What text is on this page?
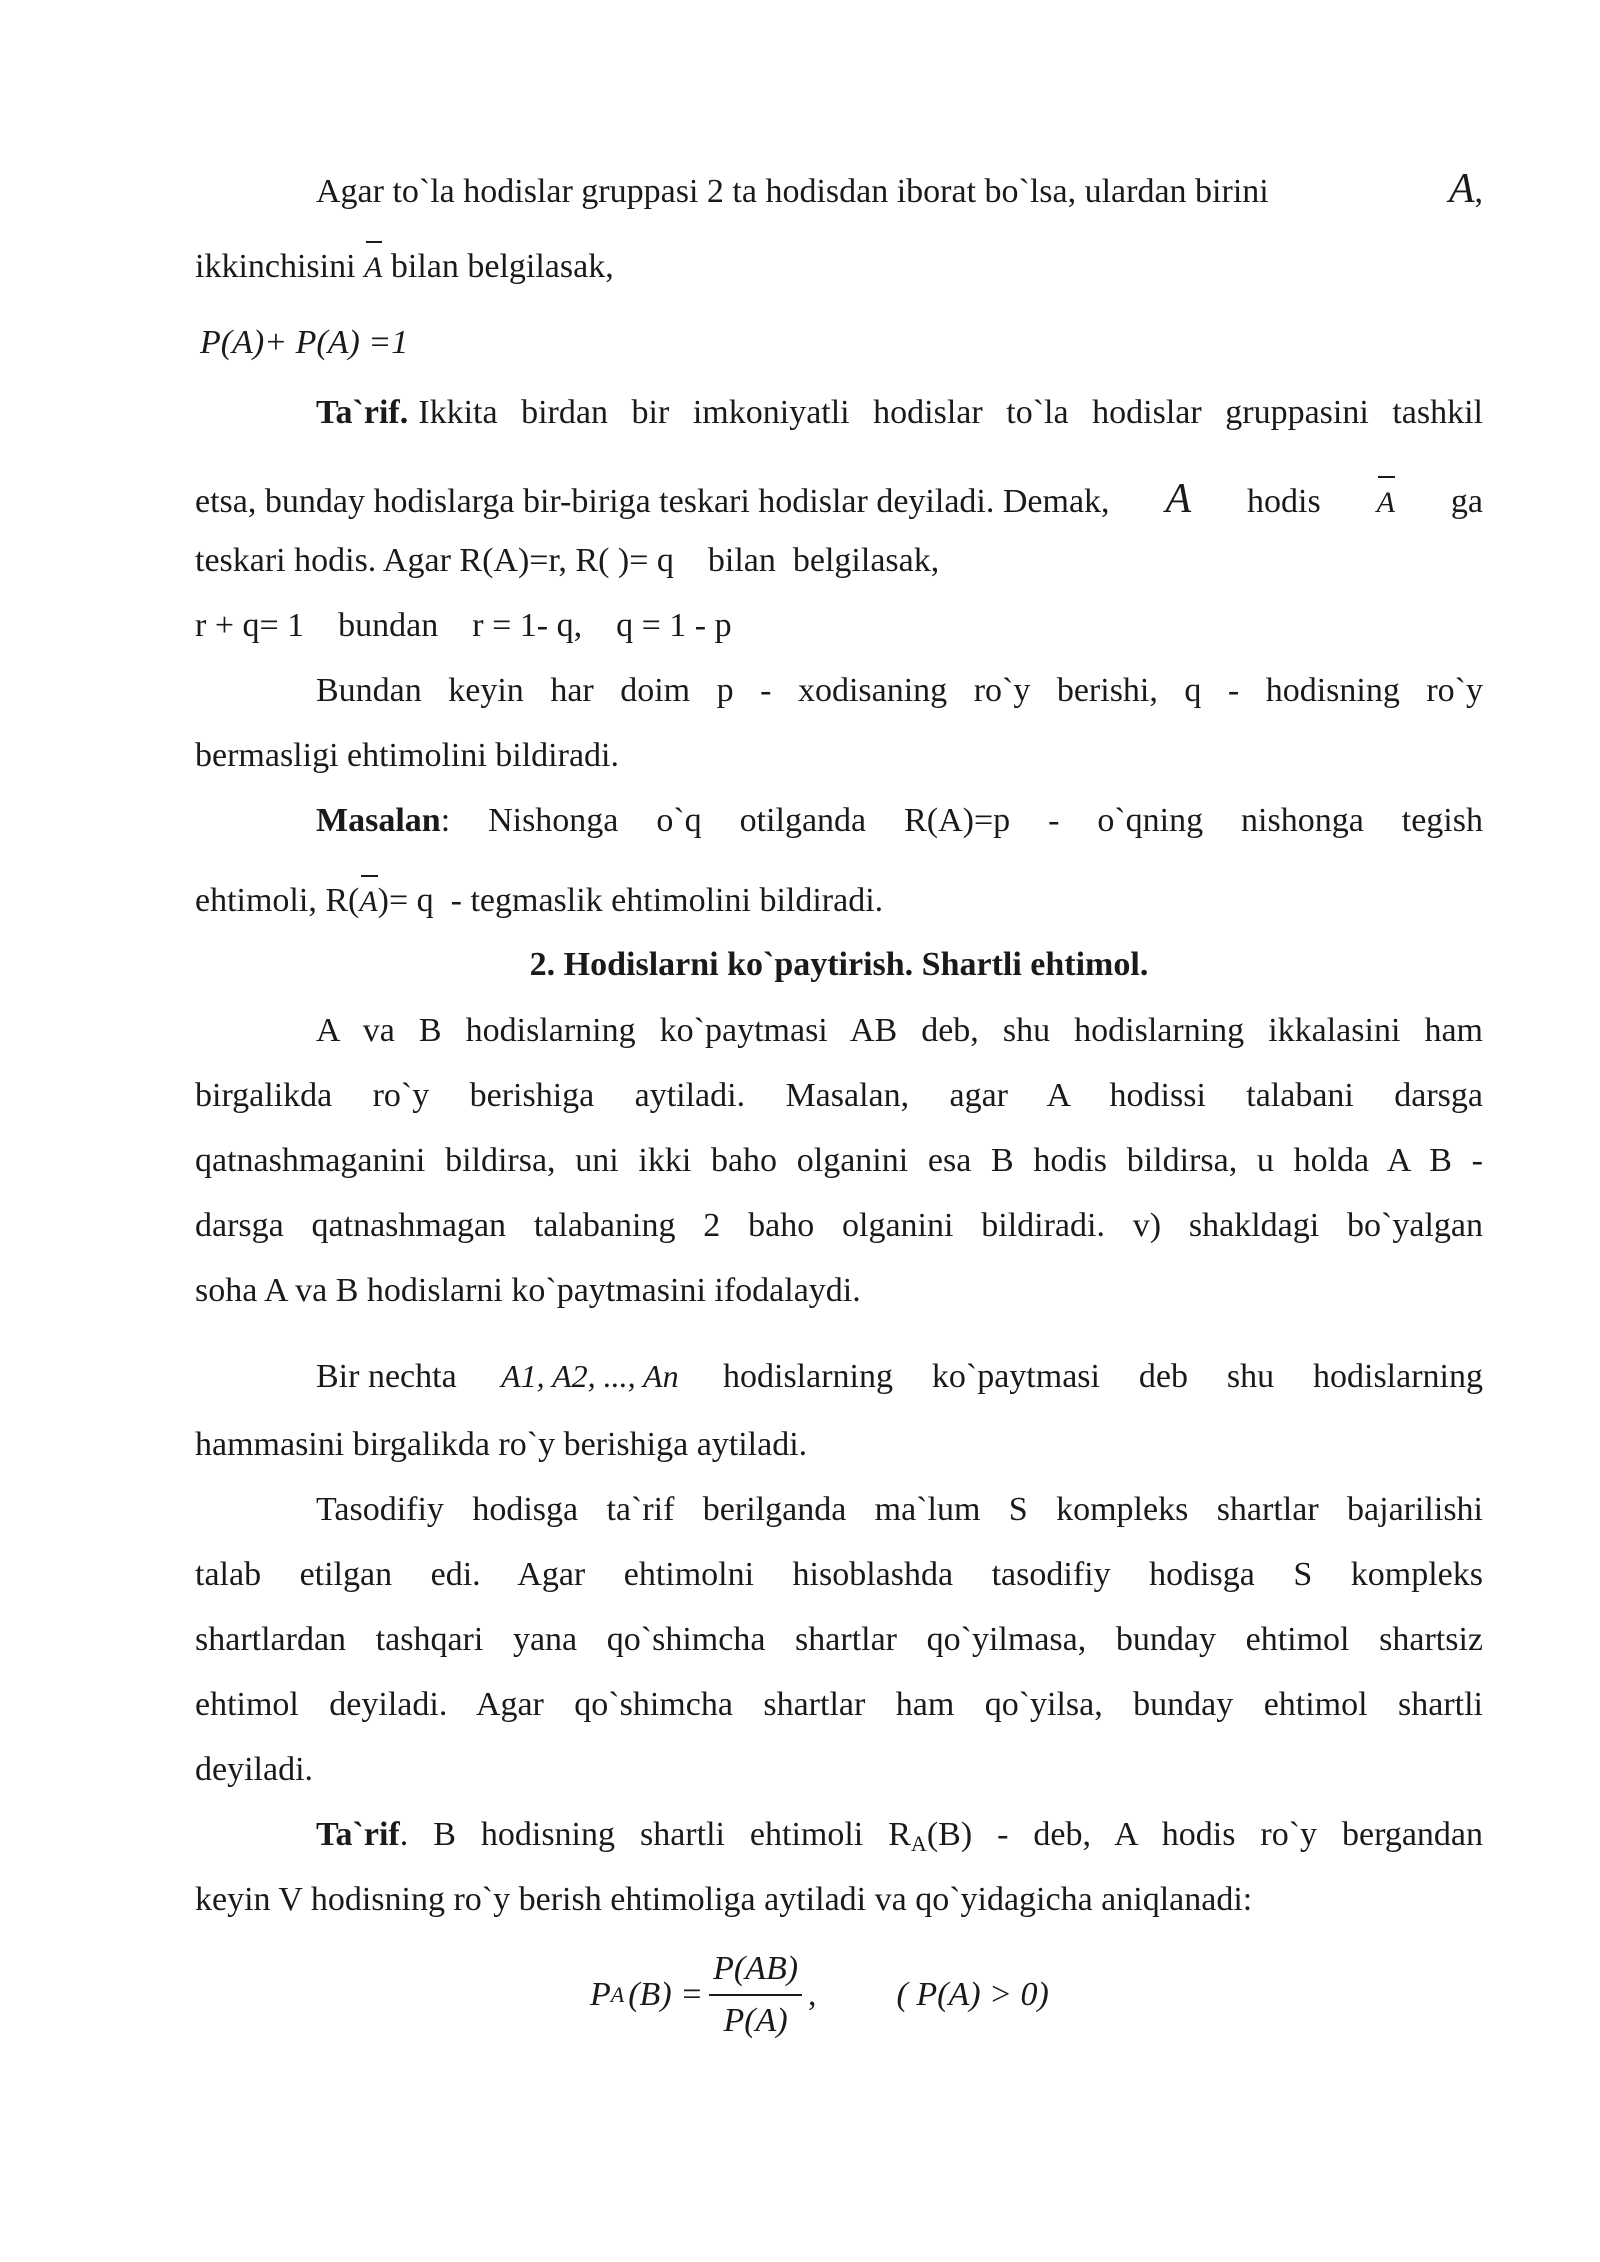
Agar to`la hodislar gruppasi 2 ta hodisdan iborat bo`lsa, ulardan birini	A,
ikkinchisini A bilan belgilasak,
P(A)+ P(A) =1
Ta`rif. Ikkita birdan bir imkoniyatli hodislar to`la hodislar gruppasini tashkil
etsa, bunday hodislarga bir-biriga teskari hodislar deyiladi. Demak, A hodis A ga
teskari hodis. Agar R(A)=r, R( )= q    bilan  belgilasak,
r + q= 1    bundan    r = 1- q,    q = 1 - p
Bundan keyin har doim p - xodisaning ro`y berishi, q - hodisning ro`y
bermasligi ehtimolini bildiradi.
Masalan : Nishonga o`q otilganda R(A)=p - o`qning nishonga tegish
ehtimoli, R(A)= q  - tegmaslik ehtimolini bildiradi.
2. Hodislarni ko`paytirish. Shartli ehtimol.
A va B hodislarning ko`paytmasi AB deb, shu hodislarning ikkalasini ham
birgalikda ro`y berishiga aytiladi. Masalan, agar A hodissi talabani darsga
qatnashmaganini bildirsa, uni ikki baho olganini esa B hodis bildirsa, u holda A B -
darsga qatnashmagan talabaning 2 baho olganini bildiradi. v) shakldagi bo`yalgan
soha A va B hodislarni ko`paytmasini ifodalaydi.
Bir nechta A1, A2, ..., An hodislarning ko`paytmasi deb shu hodislarning
hammasini birgalikda ro`y berishiga aytiladi.
Tasodifiy hodisga ta`rif berilganda ma`lum S kompleks shartlar bajarilishi
talab etilgan edi. Agar ehtimolni hisoblashda tasodifiy hodisga S kompleks
shartlardan tashqari yana qo`shimcha shartlar qo`yilmasa, bunday ehtimol shartsiz
ehtimol deyiladi. Agar qo`shimcha shartlar ham qo`yilsa, bunday ehtimol shartli
deyiladi.
Ta`rif. B hodisning shartli ehtimoli $R_A(B)$ - deb, A hodis ro`y bergandan
keyin V hodisning ro`y berish ehtimoliga aytiladi va qo`yidagicha aniqlanadi:
P A $(B) = \frac{P(AB)}{P(A)}$ , ( P(A) > 0)
